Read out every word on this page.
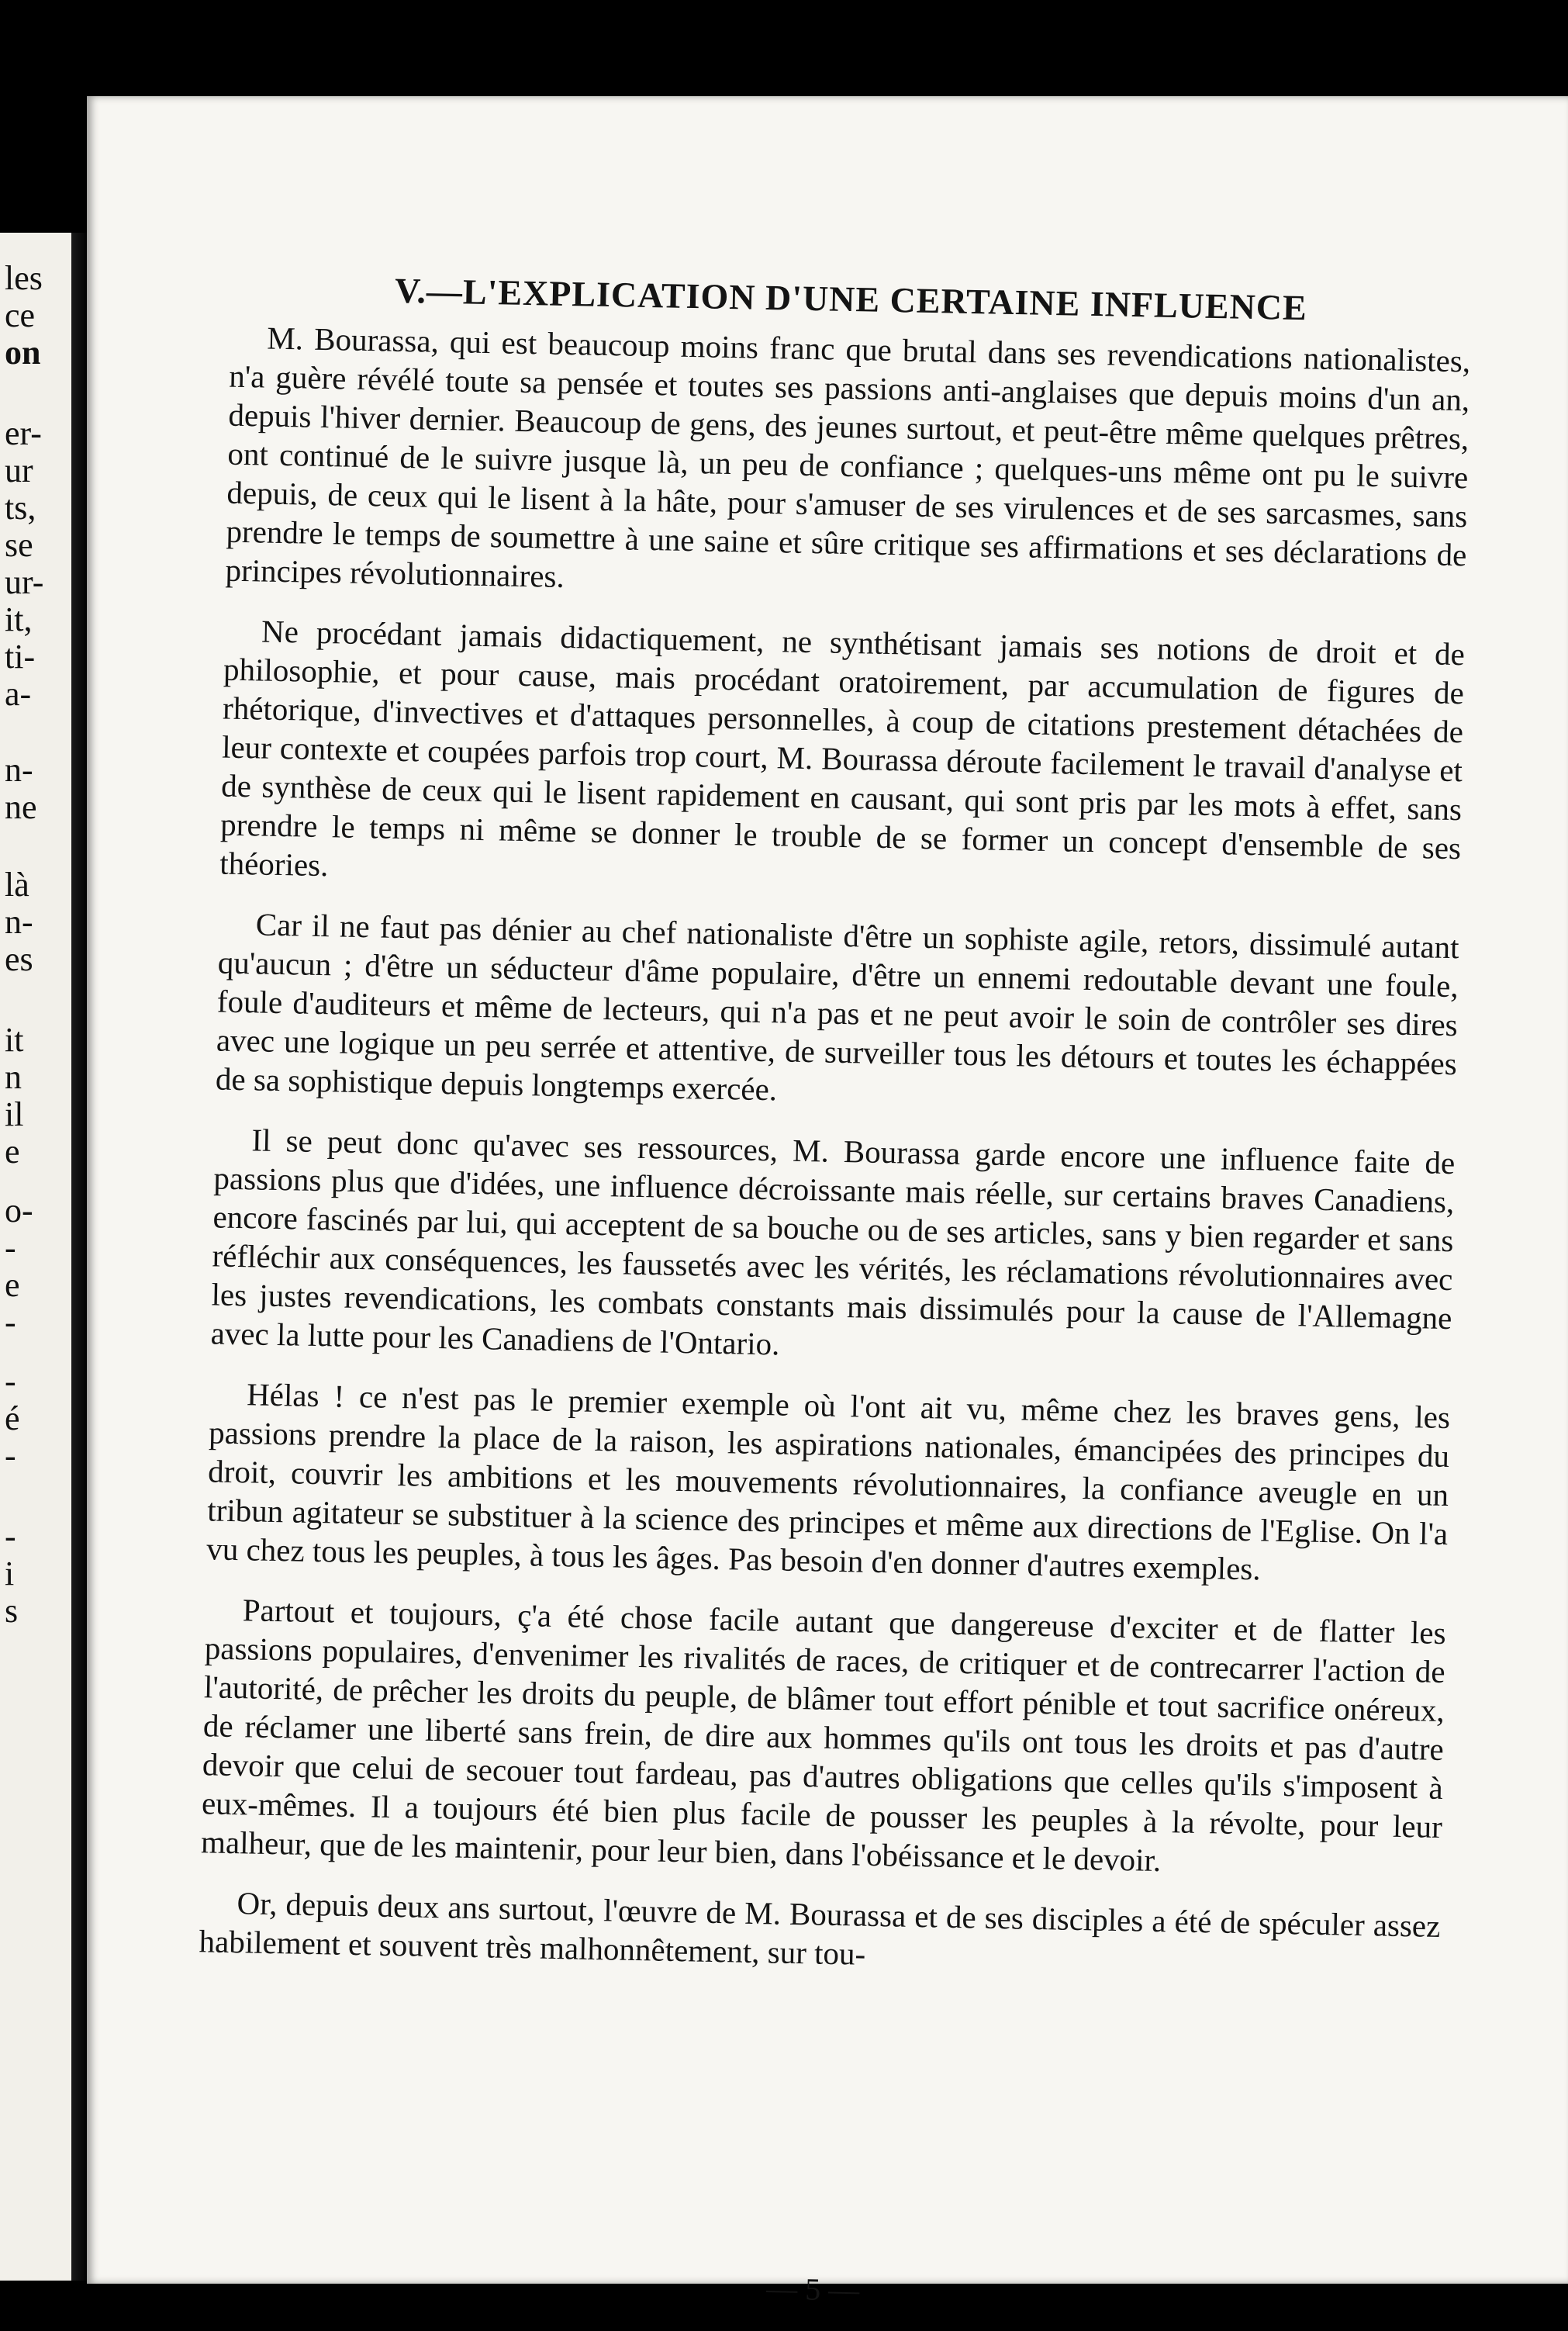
les
ce
on
er-
ur
ts,
se
ur-
it,
ti-
a-
n-
ne
là
n-
es
it
n
il
e
o-
-
e
-
-
é
-
-
i
s
V.—L'EXPLICATION D'UNE CERTAINE INFLUENCE

M. Bourassa, qui est beaucoup moins franc que brutal dans ses revendications nationalistes, n'a guère révélé toute sa pensée et toutes ses passions anti-anglaises que depuis moins d'un an, depuis l'hiver dernier. Beaucoup de gens, des jeunes surtout, et peut-être même quelques prêtres, ont continué de le suivre jusque là, un peu de confiance ; quelques-uns même ont pu le suivre depuis, de ceux qui le lisent à la hâte, pour s'amuser de ses virulences et de ses sarcasmes, sans prendre le temps de soumettre à une saine et sûre critique ses affirmations et ses déclarations de principes révolutionnaires.

Ne procédant jamais didactiquement, ne synthétisant jamais ses notions de droit et de philosophie, et pour cause, mais procédant oratoirement, par accumulation de figures de rhétorique, d'invectives et d'attaques personnelles, à coup de citations prestement détachées de leur contexte et coupées parfois trop court, M. Bourassa déroute facilement le travail d'analyse et de synthèse de ceux qui le lisent rapidement en causant, qui sont pris par les mots à effet, sans prendre le temps ni même se donner le trouble de se former un concept d'ensemble de ses théories.

Car il ne faut pas dénier au chef nationaliste d'être un sophiste agile, retors, dissimulé autant qu'aucun ; d'être un séducteur d'âme populaire, d'être un ennemi redoutable devant une foule, foule d'auditeurs et même de lecteurs, qui n'a pas et ne peut avoir le soin de contrôler ses dires avec une logique un peu serrée et attentive, de surveiller tous les détours et toutes les échappées de sa sophistique depuis longtemps exercée.

Il se peut donc qu'avec ses ressources, M. Bourassa garde encore une influence faite de passions plus que d'idées, une influence décroissante mais réelle, sur certains braves Canadiens, encore fascinés par lui, qui acceptent de sa bouche ou de ses articles, sans y bien regarder et sans réfléchir aux conséquences, les faussetés avec les vérités, les réclamations révolutionnaires avec les justes revendications, les combats constants mais dissimulés pour la cause de l'Allemagne avec la lutte pour les Canadiens de l'Ontario.

Hélas ! ce n'est pas le premier exemple où l'ont ait vu, même chez les braves gens, les passions prendre la place de la raison, les aspirations nationales, émancipées des principes du droit, couvrir les ambitions et les mouvements révolutionnaires, la confiance aveugle en un tribun agitateur se substituer à la science des principes et même aux directions de l'Eglise. On l'a vu chez tous les peuples, à tous les âges. Pas besoin d'en donner d'autres exemples.

Partout et toujours, ç'a été chose facile autant que dangereuse d'exciter et de flatter les passions populaires, d'envenimer les rivalités de races, de critiquer et de contrecarrer l'action de l'autorité, de prêcher les droits du peuple, de blâmer tout effort pénible et tout sacrifice onéreux, de réclamer une liberté sans frein, de dire aux hommes qu'ils ont tous les droits et pas d'autre devoir que celui de secouer tout fardeau, pas d'autres obligations que celles qu'ils s'imposent à eux-mêmes. Il a toujours été bien plus facile de pousser les peuples à la révolte, pour leur malheur, que de les maintenir, pour leur bien, dans l'obéissance et le devoir.

Or, depuis deux ans surtout, l'œuvre de M. Bourassa et de ses disciples a été de spéculer assez habilement et souvent très malhonnêtement, sur tou-

— 5 —
